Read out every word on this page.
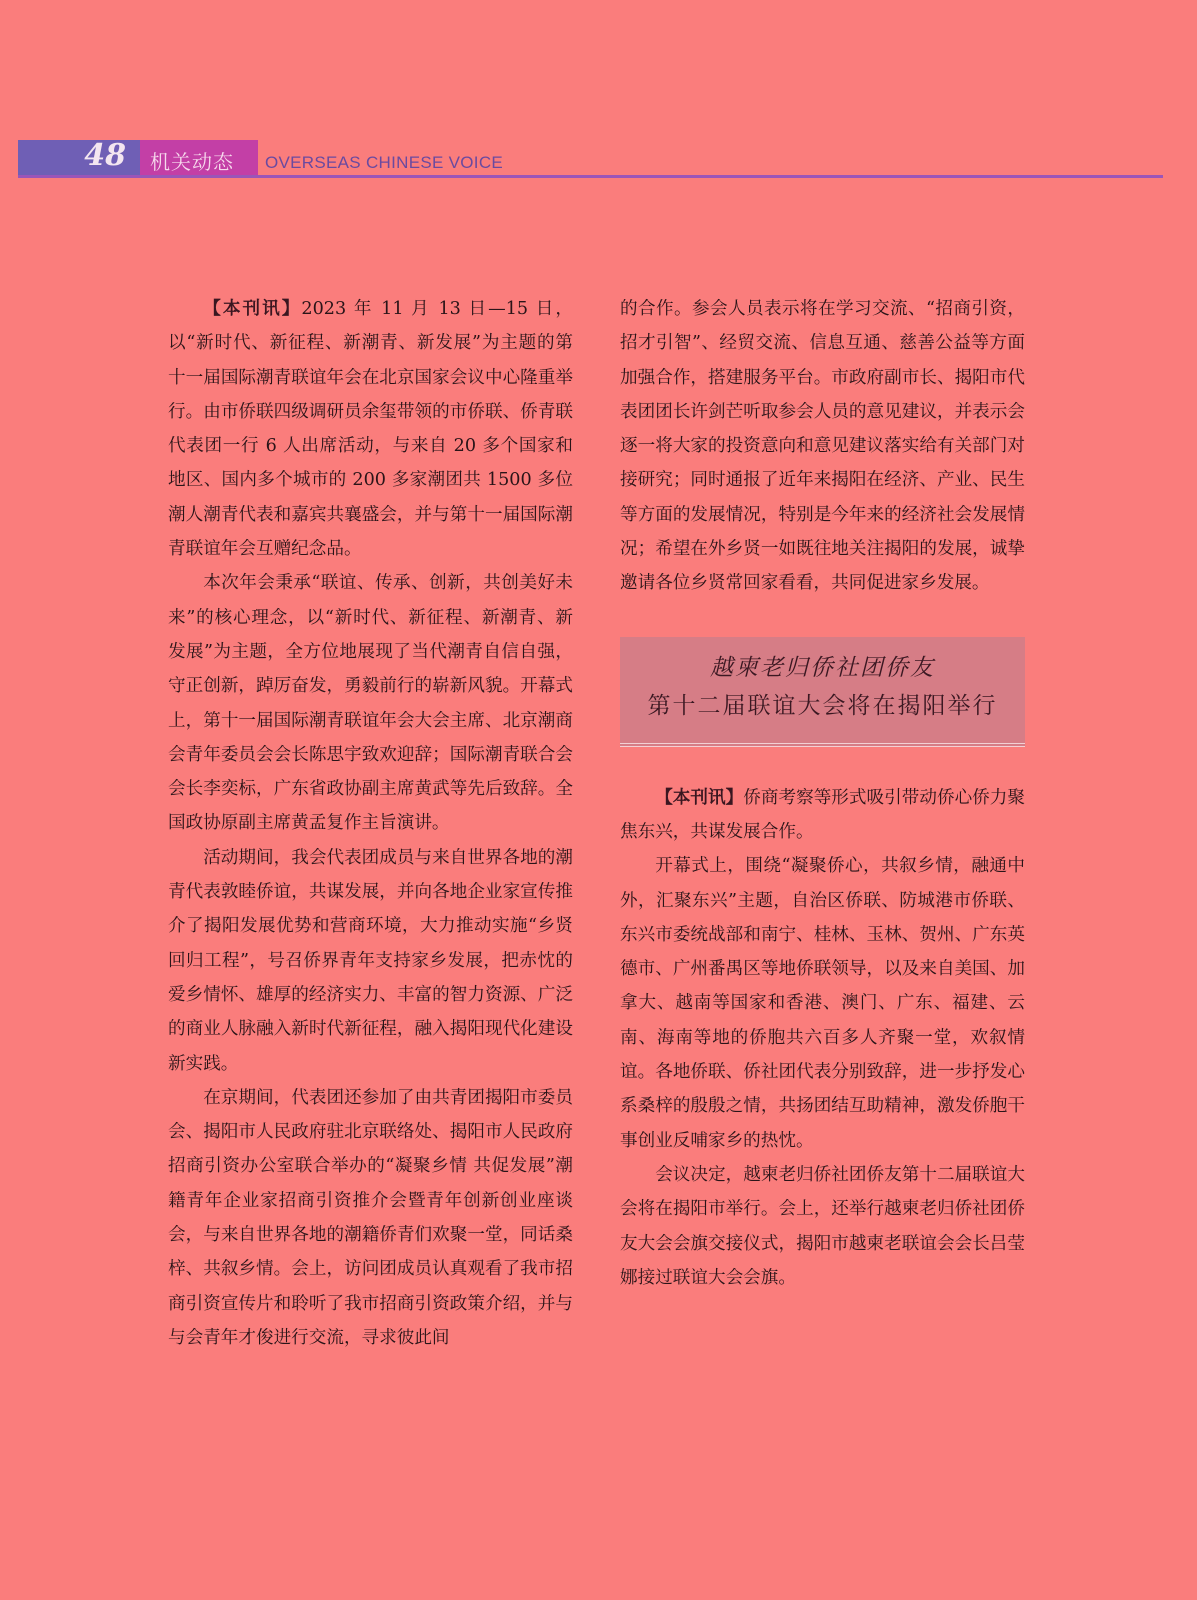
48 机关动态 OVERSEAS CHINESE VOICE

【本刊讯】2023 年 11 月 13 日—15 日，以“新时代、新征程、新潮青、新发展”为主题的第十一届国际潮青联谊年会在北京国家会议中心隆重举行。由市侨联四级调研员余玺带领的市侨联、侨青联代表团一行 6 人出席活动，与来自 20 多个国家和地区、国内多个城市的 200 多家潮团共 1500 多位潮人潮青代表和嘉宾共襄盛会，并与第十一届国际潮青联谊年会互赠纪念品。

本次年会秉承“联谊、传承、创新，共创美好未来”的核心理念，以“新时代、新征程、新潮青、新发展”为主题，全方位地展现了当代潮青自信自强，守正创新，踔厉奋发，勇毅前行的崭新风貌。开幕式上，第十一届国际潮青联谊年会大会主席、北京潮商会青年委员会会长陈思宇致欢迎辞；国际潮青联合会会长李奕标，广东省政协副主席黄武等先后致辞。全国政协原副主席黄孟复作主旨演讲。

活动期间，我会代表团成员与来自世界各地的潮青代表敦睦侨谊，共谋发展，并向各地企业家宣传推介了揭阳发展优势和营商环境，大力推动实施“乡贤回归工程”，号召侨界青年支持家乡发展，把赤忱的爱乡情怀、雄厚的经济实力、丰富的智力资源、广泛的商业人脉融入新时代新征程，融入揭阳现代化建设新实践。

在京期间，代表团还参加了由共青团揭阳市委员会、揭阳市人民政府驻北京联络处、揭阳市人民政府招商引资办公室联合举办的“凝聚乡情 共促发展”潮籍青年企业家招商引资推介会暨青年创新创业座谈会，与来自世界各地的潮籍侨青们欢聚一堂，同话桑梓、共叙乡情。会上，访问团成员认真观看了我市招商引资宣传片和聆听了我市招商引资政策介绍，并与与会青年才俊进行交流，寻求彼此间

的合作。参会人员表示将在学习交流、“招商引资，招才引智”、经贸交流、信息互通、慈善公益等方面加强合作，搭建服务平台。市政府副市长、揭阳市代表团团长许剑芒听取参会人员的意见建议，并表示会逐一将大家的投资意向和意见建议落实给有关部门对接研究；同时通报了近年来揭阳在经济、产业、民生等方面的发展情况，特别是今年来的经济社会发展情况；希望在外乡贤一如既往地关注揭阳的发展，诚挚邀请各位乡贤常回家看看，共同促进家乡发展。

越柬老归侨社团侨友
第十二届联谊大会将在揭阳举行

【本刊讯】侨商考察等形式吸引带动侨心侨力聚焦东兴，共谋发展合作。

开幕式上，围绕“凝聚侨心，共叙乡情，融通中外，汇聚东兴”主题，自治区侨联、防城港市侨联、东兴市委统战部和南宁、桂林、玉林、贺州、广东英德市、广州番禺区等地侨联领导，以及来自美国、加拿大、越南等国家和香港、澳门、广东、福建、云南、海南等地的侨胞共六百多人齐聚一堂，欢叙情谊。各地侨联、侨社团代表分别致辞，进一步抒发心系桑梓的殷殷之情，共扬团结互助精神，激发侨胞干事创业反哺家乡的热忱。

会议决定，越柬老归侨社团侨友第十二届联谊大会将在揭阳市举行。会上，还举行越柬老归侨社团侨友大会会旗交接仪式，揭阳市越柬老联谊会会长吕莹娜接过联谊大会会旗。
